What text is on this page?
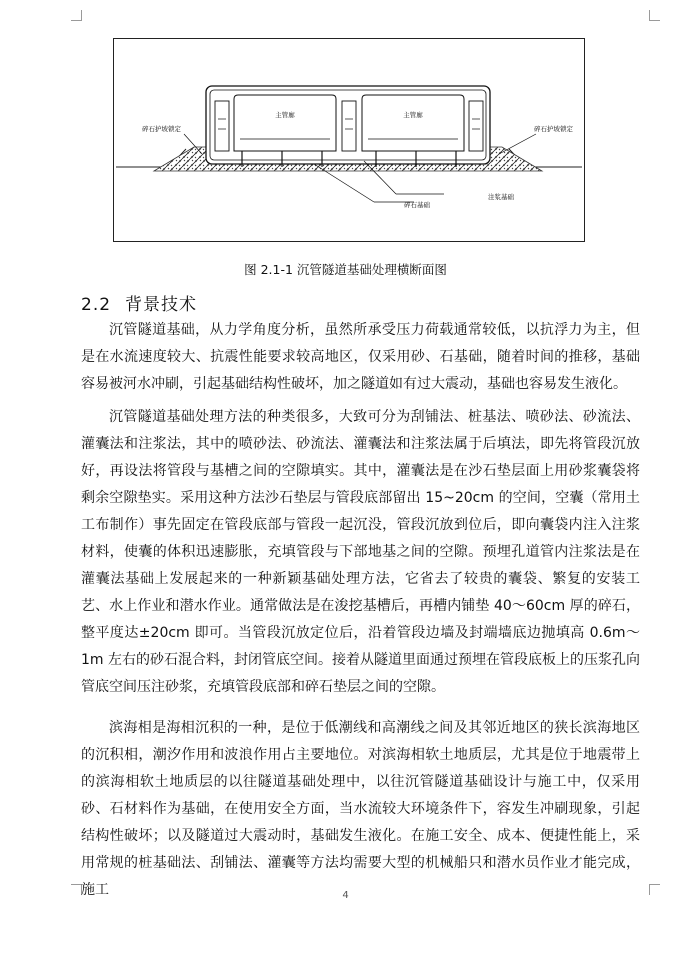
主管廊	主管廊
碎石护坡锁定	碎石护坡锁定
注浆基础
碎石基础
图 2.1-1 沉管隧道基础处理横断面图
2.2 背景技术
沉管隧道基础，从力学角度分析，虽然所承受压力荷载通常较低，以抗浮力为主，但是在水流速度较大、抗震性能要求较高地区，仅采用砂、石基础，随着时间的推移，基础容易被河水冲刷，引起基础结构性破坏，加之隧道如有过大震动，基础也容易发生液化。
沉管隧道基础处理方法的种类很多，大致可分为刮铺法、桩基法、喷砂法、砂流法、灌囊法和注浆法，其中的喷砂法、砂流法、灌囊法和注浆法属于后填法，即先将管段沉放好，再设法将管段与基槽之间的空隙填实。其中，灌囊法是在沙石垫层面上用砂浆囊袋将剩余空隙垫实。采用这种方法沙石垫层与管段底部留出 15~20cm 的空间，空囊（常用土工布制作）事先固定在管段底部与管段一起沉没，管段沉放到位后，即向囊袋内注入注浆材料，使囊的体积迅速膨胀，充填管段与下部地基之间的空隙。预埋孔道管内注浆法是在灌囊法基础上发展起来的一种新颖基础处理方法，它省去了较贵的囊袋、繁复的安装工艺、水上作业和潜水作业。通常做法是在浚挖基槽后，再槽内铺垫 40～60cm 厚的碎石，整平度达±20cm 即可。当管段沉放定位后，沿着管段边墙及封端墙底边抛填高 0.6m～1m 左右的砂石混合料，封闭管底空间。接着从隧道里面通过预埋在管段底板上的压浆孔向管底空间压注砂浆，充填管段底部和碎石垫层之间的空隙。
滨海相是海相沉积的一种，是位于低潮线和高潮线之间及其邻近地区的狭长滨海地区的沉积相，潮汐作用和波浪作用占主要地位。对滨海相软土地质层，尤其是位于地震带上的滨海相软土地质层的以往隧道基础处理中，以往沉管隧道基础设计与施工中，仅采用砂、石材料作为基础，在使用安全方面，当水流较大环境条件下，容发生冲刷现象，引起结构性破坏；以及隧道过大震动时，基础发生液化。在施工安全、成本、便捷性能上，采用常规的桩基础法、刮铺法、灌囊等方法均需要大型的机械船只和潜水员作业才能完成，施工	4
